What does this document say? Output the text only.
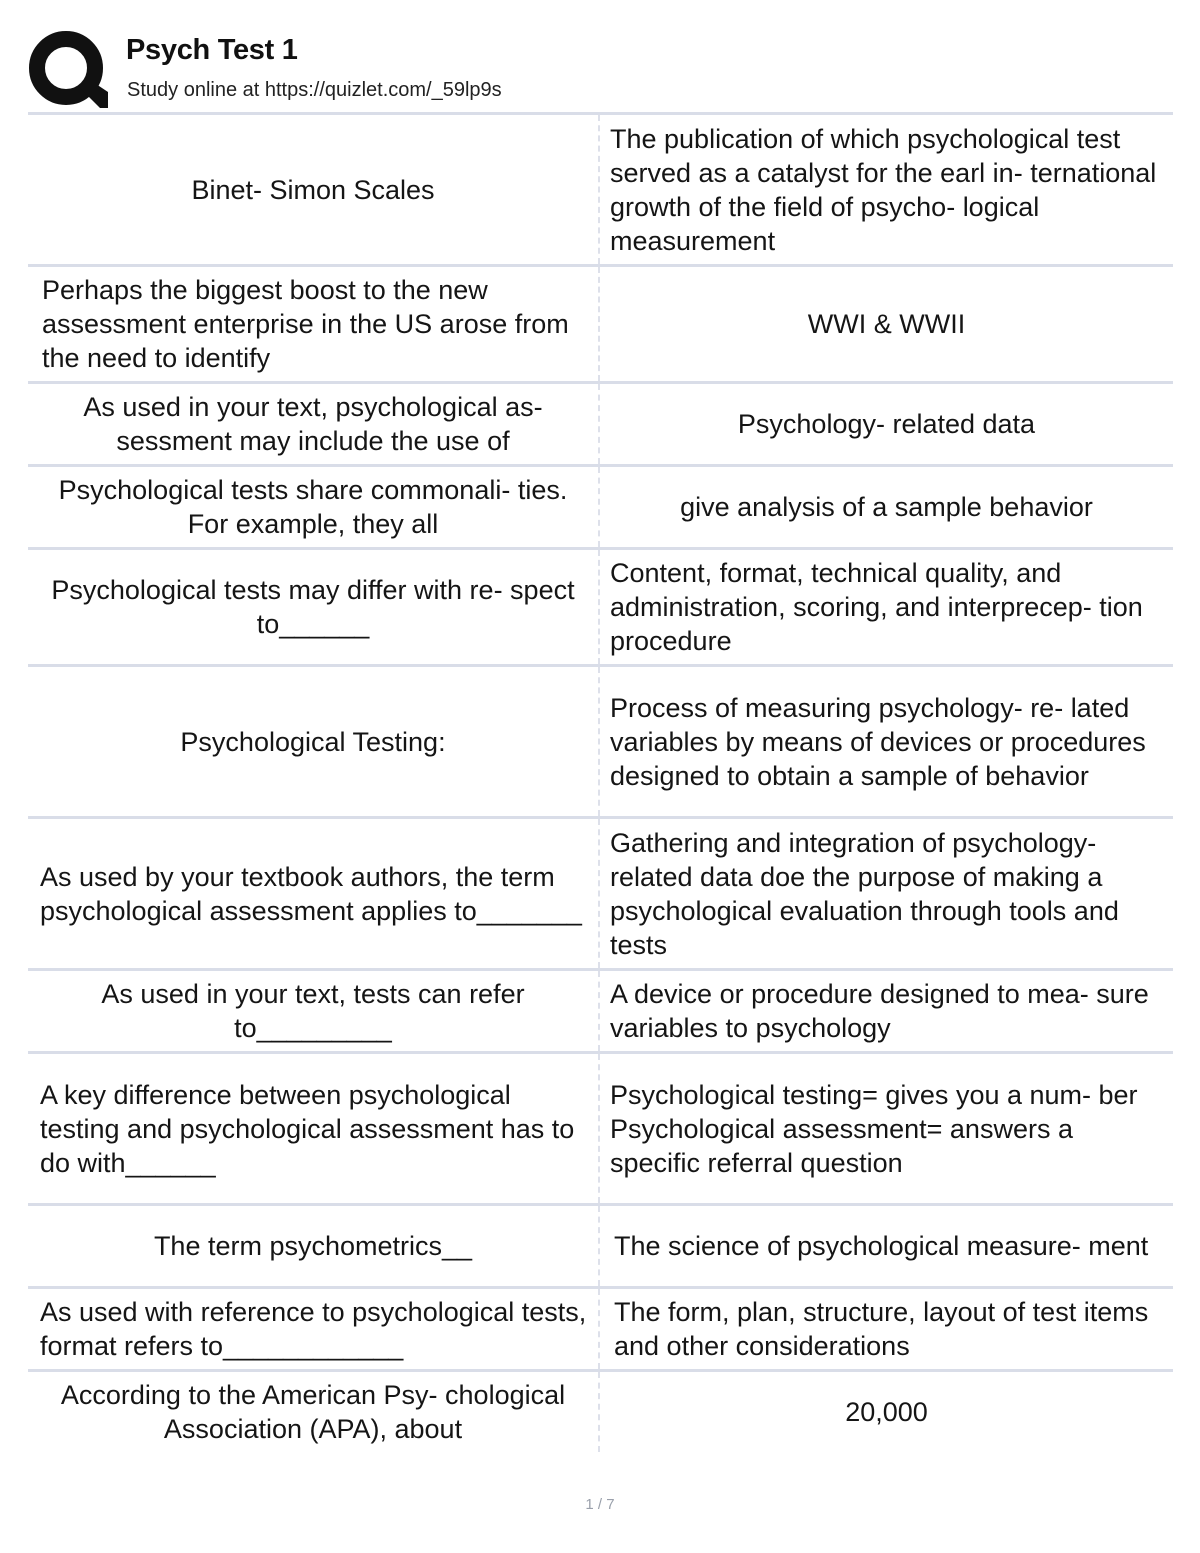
Psych Test 1
Study online at https://quizlet.com/_59lp9s
Binet- Simon Scales
The publication of which psychological test served as a catalyst for the earl in- ternational growth of the field of psycho- logical measurement
Perhaps the biggest boost to the new assessment enterprise in the US arose from the need to identify
WWI & WWII
As used in your text, psychological as- sessment may include the use of
Psychology- related data
Psychological tests share commonali- ties. For example, they all
give analysis of a sample behavior
Psychological tests may differ with re- spect to______
Content, format, technical quality, and administration, scoring, and interprecep- tion procedure
Psychological Testing:
Process of measuring psychology- re- lated variables by means of devices or procedures designed to obtain a sample of behavior
As used by your textbook authors, the term psychological assessment applies to_______
Gathering and integration of psychology- related data doe the purpose of making a psychological evaluation through tools and tests
As used in your text, tests can refer to_________
A device or procedure designed to mea- sure variables to psychology
A key difference between psychological testing and psychological assessment has to do with______
Psychological testing= gives you a num- ber
Psychological assessment= answers a specific referral question
The term psychometrics__	The science of psychological measure- ment
As used with reference to psychological tests, format refers to____________
The form, plan, structure, layout of test items and other considerations
According to the American Psy- chological Association (APA), about
20,000
1 / 7
